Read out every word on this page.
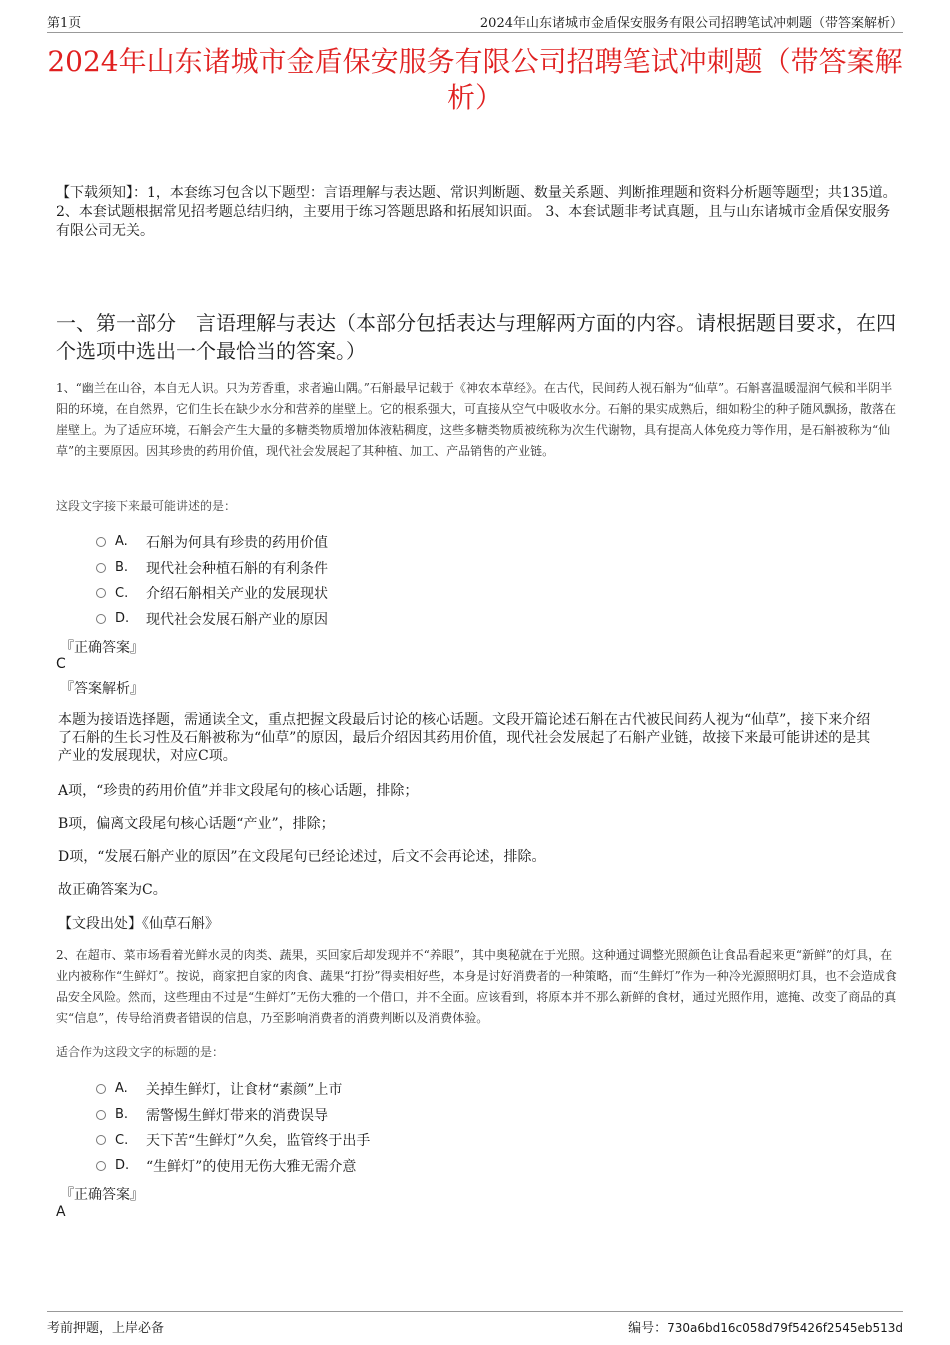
第1页	2024年山东诸城市金盾保安服务有限公司招聘笔试冲刺题（带答案解析）
2024年山东诸城市金盾保安服务有限公司招聘笔试冲刺题（带答案解析）

【下载须知】：1，本套练习包含以下题型：言语理解与表达题、常识判断题、数量关系题、判断推理题和资料分析题等题型；共135道。 2、本套试题根据常见招考题总结归纳，主要用于练习答题思路和拓展知识面。 3、本套试题非考试真题，且与山东诸城市金盾保安服务有限公司无关。

一、第一部分　言语理解与表达（本部分包括表达与理解两方面的内容。请根据题目要求，在四个选项中选出一个最恰当的答案。）

1、“幽兰在山谷，本自无人识。只为芳香重，求者遍山隅。”石斛最早记载于《神农本草经》。在古代，民间药人视石斛为“仙草”。石斛喜温暖湿润气候和半阴半阳的环境，在自然界，它们生长在缺少水分和营养的崖壁上。它的根系强大，可直接从空气中吸收水分。石斛的果实成熟后，细如粉尘的种子随风飘扬，散落在崖壁上。为了适应环境，石斛会产生大量的多糖类物质增加体液粘稠度，这些多糖类物质被统称为次生代谢物，具有提高人体免疫力等作用，是石斛被称为“仙草”的主要原因。因其珍贵的药用价值，现代社会发展起了其种植、加工、产品销售的产业链。

这段文字接下来最可能讲述的是：

A.	石斛为何具有珍贵的药用价值
B.	现代社会种植石斛的有利条件
C.	介绍石斛相关产业的发展现状
D.	现代社会发展石斛产业的原因

『正确答案』

C

『答案解析』

本题为接语选择题，需通读全文，重点把握文段最后讨论的核心话题。文段开篇论述石斛在古代被民间药人视为“仙草”，接下来介绍了石斛的生长习性及石斛被称为“仙草”的原因，最后介绍因其药用价值，现代社会发展起了石斛产业链，故接下来最可能讲述的是其产业的发展现状，对应C项。

A项，“珍贵的药用价值”并非文段尾句的核心话题，排除；

B项，偏离文段尾句核心话题“产业”，排除；

D项，“发展石斛产业的原因”在文段尾句已经论述过，后文不会再论述，排除。

故正确答案为C。

【文段出处】《仙草石斛》

2、在超市、菜市场看着光鲜水灵的肉类、蔬果，买回家后却发现并不“养眼”，其中奥秘就在于光照。这种通过调整光照颜色让食品看起来更“新鲜”的灯具，在业内被称作“生鲜灯”。按说，商家把自家的肉食、蔬果“打扮”得卖相好些，本身是讨好消费者的一种策略，而“生鲜灯”作为一种冷光源照明灯具，也不会造成食品安全风险。然而，这些理由不过是“生鲜灯”无伤大雅的一个借口，并不全面。应该看到，将原本并不那么新鲜的食材，通过光照作用，遮掩、改变了商品的真实“信息”，传导给消费者错误的信息，乃至影响消费者的消费判断以及消费体验。

适合作为这段文字的标题的是：

A.	关掉生鲜灯，让食材“素颜”上市
B.	需警惕生鲜灯带来的消费误导
C.	天下苦“生鲜灯”久矣，监管终于出手
D.	“生鲜灯”的使用无伤大雅无需介意

『正确答案』

A

考前押题，上岸必备	编号：730a6bd16c058d79f5426f2545eb513d
